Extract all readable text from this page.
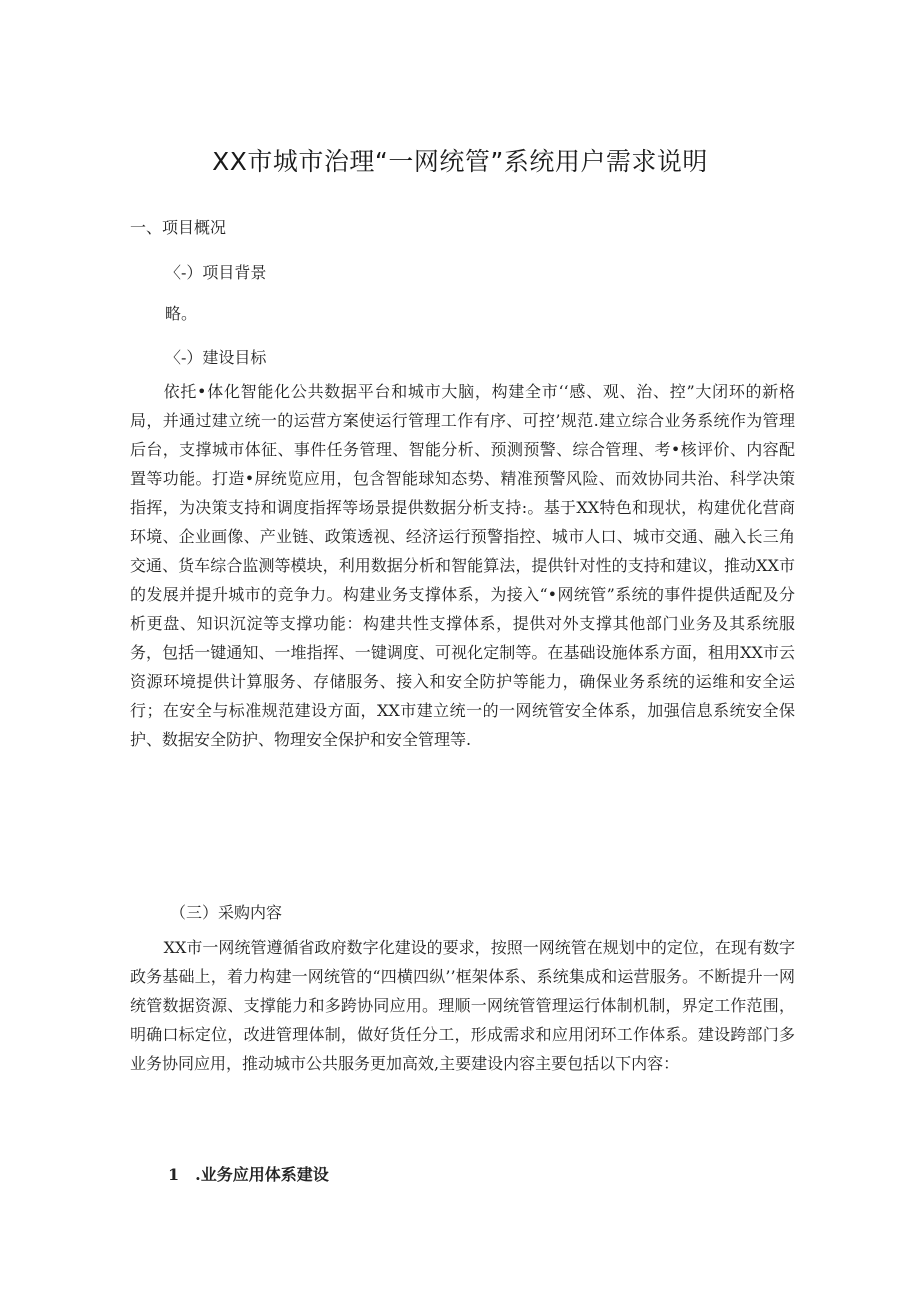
XX市城市治理“一网统管”系统用户需求说明
一、项目概况
〈-）项目背景
略。
〈-）建设目标

依托•体化智能化公共数据平台和城市大脑，构建全市‘‘感、观、治、控”大闭环的新格局，并通过建立统一的运营方案使运行管理工作有序、可控’规范.建立综合业务系统作为管理后台，支撑城市体征、事件任务管理、智能分析、预测预警、综合管理、考•核评价、内容配置等功能。打造•屏统览应用，包含智能球知态势、精准预警风险、而效协同共治、科学决策指挥，为决策支持和调度指挥等场景提供数据分析支持:。基于XX特色和现状，构建优化营商环境、企业画像、产业链、政策透视、经济运行预警指控、城市人口、城市交通、融入长三角交通、货车综合监测等模块，利用数据分析和智能算法，提供针对性的支持和建议，推动XX市的发展并提升城市的竞争力。构建业务支撑体系，为接入“•网统管”系统的事件提供适配及分析更盘、知识沉淀等支撑功能：构建共性支撑体系，提供对外支撑其他部门业务及其系统服务，包括一键通知、一堆指挥、一键调度、可视化定制等。在基础设施体系方面，租用XX市云资源环境提供计算服务、存储服务、接入和安全防护等能力，确保业务系统的运维和安全运行；在安全与标准规范建设方面，XX市建立统一的一网统管安全体系，加强信息系统安全保护、数据安全防护、物理安全保护和安全管理等.

（三）采购内容

XX市一网统管遵循省政府数字化建设的要求，按照一网统管在规划中的定位，在现有数字政务基础上，着力构建一网统管的“四横四纵’’框架体系、系统集成和运营服务。不断提升一网统管数据资源、支撑能力和多跨协同应用。理顺一网统管管理运行体制机制，界定工作范围，明确口标定位，改进管理体制，做好货任分工，形成需求和应用闭环工作体系。建设跨部门多业务协同应用，推动城市公共服务更加高效,主要建设内容主要包括以下内容：

1　.业务应用体系建设
